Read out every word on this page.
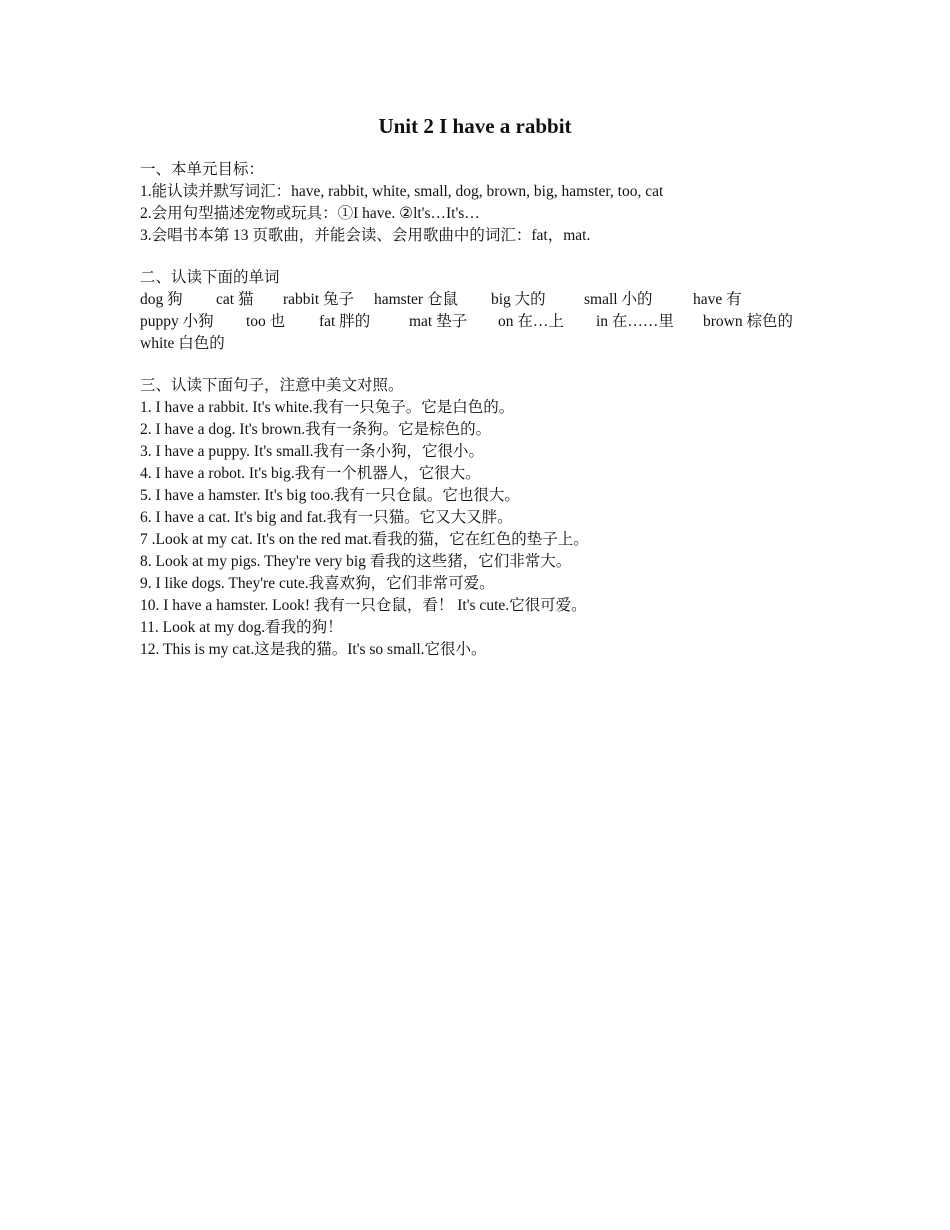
Unit 2 I have a rabbit
一、本单元目标：
1.能认读并默写词汇：have, rabbit, white, small, dog, brown, big, hamster, too, cat
2.会用句型描述宠物或玩具：①I have. ②lt's…It's…
3.会唱书本第 13 页歌曲，并能会读、会用歌曲中的词汇：fat，mat.
二、认读下面的单词
dog 狗 cat 猫 rabbit 兔子 hamster 仓鼠 big 大的 small 小的	have 有
puppy 小狗 too 也 fat 胖的	mat 垫子 on 在…上 in 在……里 brown 棕色的
white 白色的
三、认读下面句子，注意中美文对照。
1. I have a rabbit. It's white.我有一只兔子。它是白色的。
2. I have a dog. It's brown.我有一条狗。它是棕色的。
3. I have a puppy. It's small.我有一条小狗，它很小。
4. I have a robot. It's big.我有一个机器人，它很大。
5. I have a hamster. It's big too.我有一只仓鼠。它也很大。
6. I have a cat. It's big and fat.我有一只猫。它又大又胖。
7 .Look at my cat. It's on the red mat.看我的猫，它在红色的垫子上。
8. Look at my pigs. They're very big 看我的这些猪，它们非常大。
9. I like dogs. They're cute.我喜欢狗，它们非常可爱。
10. I have a hamster. Look! 我有一只仓鼠，看！ It's cute.它很可爱。
11. Look at my dog.看我的狗！
12. This is my cat.这是我的猫。It's so small.它很小。
